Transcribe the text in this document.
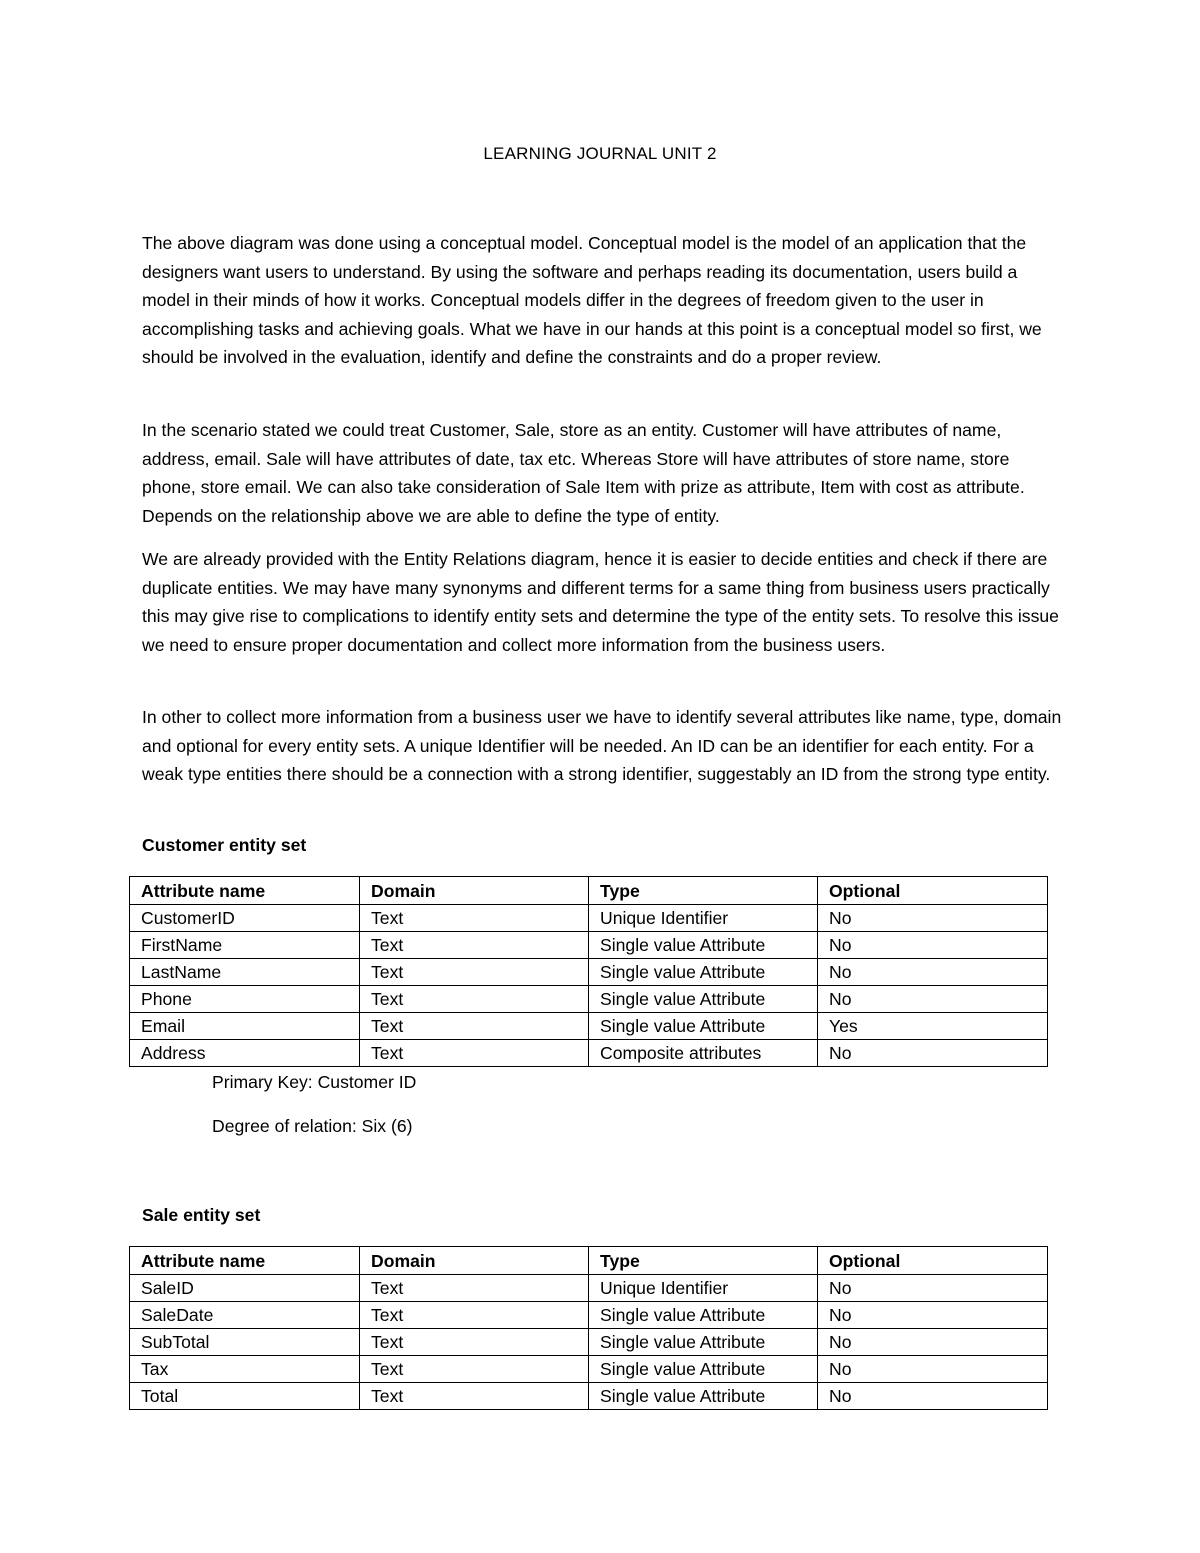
LEARNING JOURNAL UNIT 2

The above diagram was done using a conceptual model. Conceptual model is the model of an application that the designers want users to understand. By using the software and perhaps reading its documentation, users build a model in their minds of how it works. Conceptual models differ in the degrees of freedom given to the user in accomplishing tasks and achieving goals. What we have in our hands at this point is a conceptual model so first, we should be involved in the evaluation, identify and define the constraints and do a proper review.

In the scenario stated we could treat Customer, Sale, store as an entity. Customer will have attributes of name, address, email. Sale will have attributes of date, tax etc. Whereas Store will have attributes of store name, store phone, store email. We can also take consideration of Sale Item with prize as attribute, Item with cost as attribute. Depends on the relationship above we are able to define the type of entity.

We are already provided with the Entity Relations diagram, hence it is easier to decide entities and check if there are duplicate entities. We may have many synonyms and different terms for a same thing from business users practically this may give rise to complications to identify entity sets and determine the type of the entity sets. To resolve this issue we need to ensure proper documentation and collect more information from the business users.

In other to collect more information from a business user we have to identify several attributes like name, type, domain and optional for every entity sets. A unique Identifier will be needed. An ID can be an identifier for each entity. For a weak type entities there should be a connection with a strong identifier, suggestably an ID from the strong type entity.

Customer entity set

Attribute name	Domain	Type	Optional
CustomerID	Text	Unique Identifier	No
FirstName	Text	Single value Attribute	No
LastName	Text	Single value Attribute	No
Phone	Text	Single value Attribute	No
Email	Text	Single value Attribute	Yes
Address	Text	Composite attributes	No

Primary Key: Customer ID

Degree of relation: Six (6)

Sale entity set

Attribute name	Domain	Type	Optional
SaleID	Text	Unique Identifier	No
SaleDate	Text	Single value Attribute	No
SubTotal	Text	Single value Attribute	No
Tax	Text	Single value Attribute	No
Total	Text	Single value Attribute	No
